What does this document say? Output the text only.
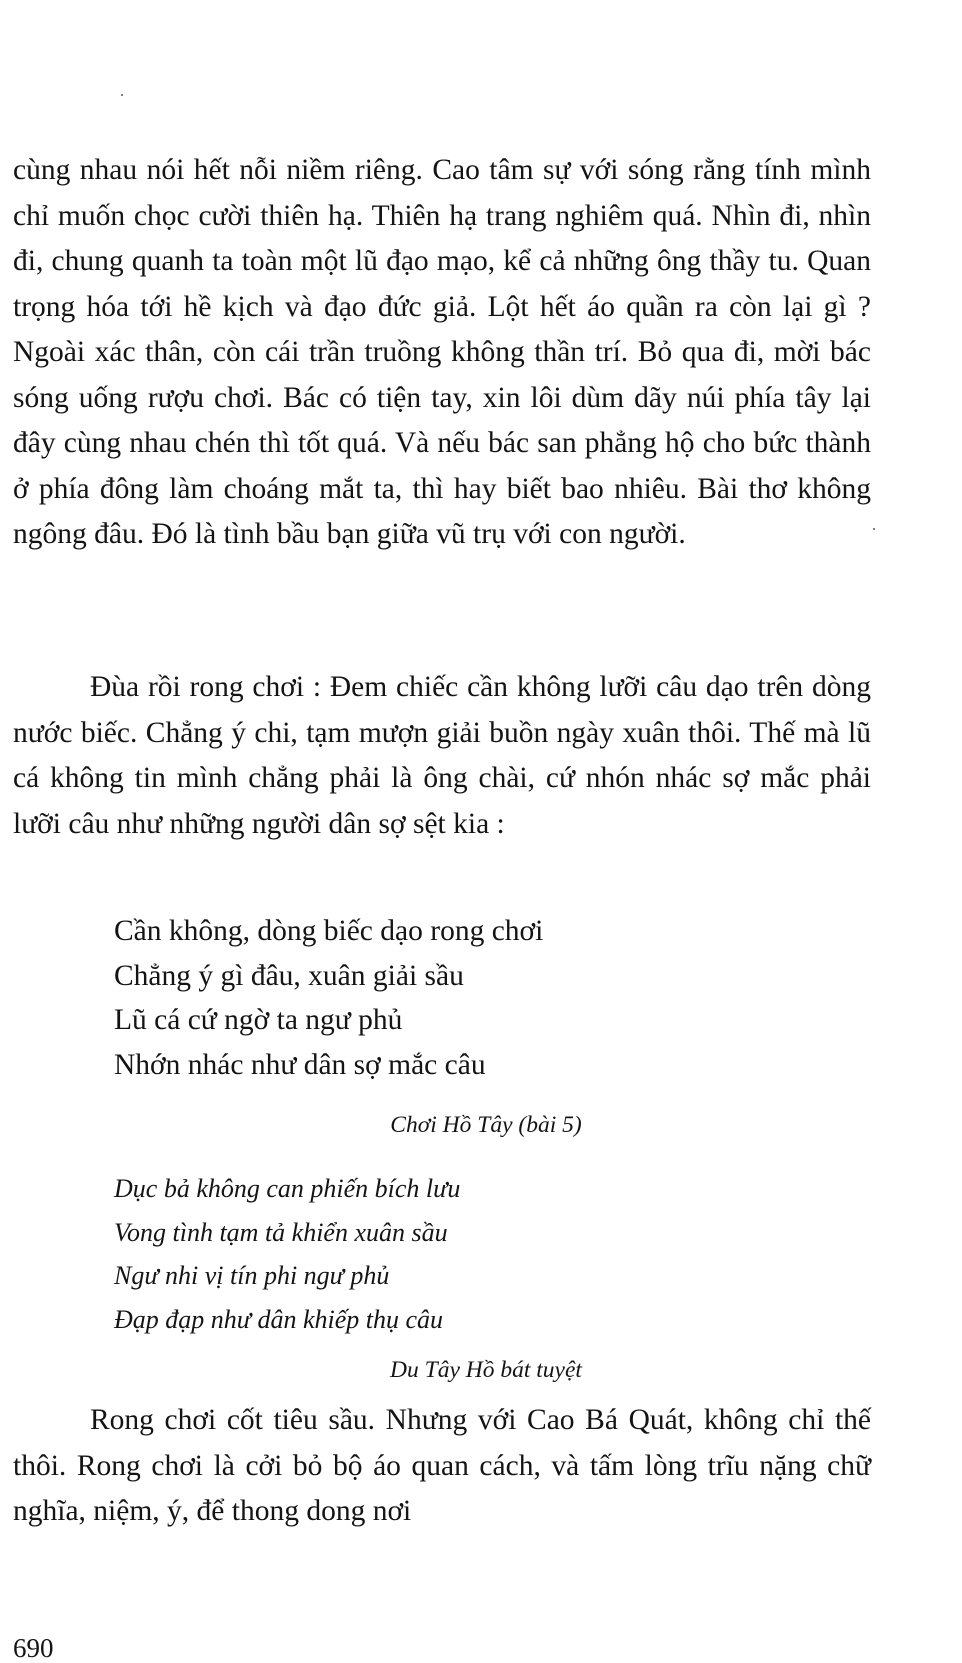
cùng nhau nói hết nỗi niềm riêng. Cao tâm sự với sóng rằng tính mình chỉ muốn chọc cười thiên hạ. Thiên hạ trang nghiêm quá. Nhìn đi, nhìn đi, chung quanh ta toàn một lũ đạo mạo, kể cả những ông thầy tu. Quan trọng hóa tới hề kịch và đạo đức giả. Lột hết áo quần ra còn lại gì ? Ngoài xác thân, còn cái trần truồng không thần trí. Bỏ qua đi, mời bác sóng uống rượu chơi. Bác có tiện tay, xin lôi dùm dãy núi phía tây lại đây cùng nhau chén thì tốt quá. Và nếu bác san phẳng hộ cho bức thành ở phía đông làm choáng mắt ta, thì hay biết bao nhiêu. Bài thơ không ngông đâu. Đó là tình bầu bạn giữa vũ trụ với con người.

Đùa rồi rong chơi : Đem chiếc cần không lưỡi câu dạo trên dòng nước biếc. Chẳng ý chi, tạm mượn giải buồn ngày xuân thôi. Thế mà lũ cá không tin mình chẳng phải là ông chài, cứ nhón nhác sợ mắc phải lưỡi câu như những người dân sợ sệt kia :

Cần không, dòng biếc dạo rong chơi
Chẳng ý gì đâu, xuân giải sầu
Lũ cá cứ ngờ ta ngư phủ
Nhớn nhác như dân sợ mắc câu

Chơi Hồ Tây (bài 5)

Dục bả không can phiến bích lưu
Vong tình tạm tả khiển xuân sầu
Ngư nhi vị tín phi ngư phủ
Đạp đạp như dân khiếp thụ câu

Du Tây Hồ bát tuyệt

Rong chơi cốt tiêu sầu. Nhưng với Cao Bá Quát, không chỉ thế thôi. Rong chơi là cởi bỏ bộ áo quan cách, và tấm lòng trĩu nặng chữ nghĩa, niệm, ý, để thong dong nơi

690
